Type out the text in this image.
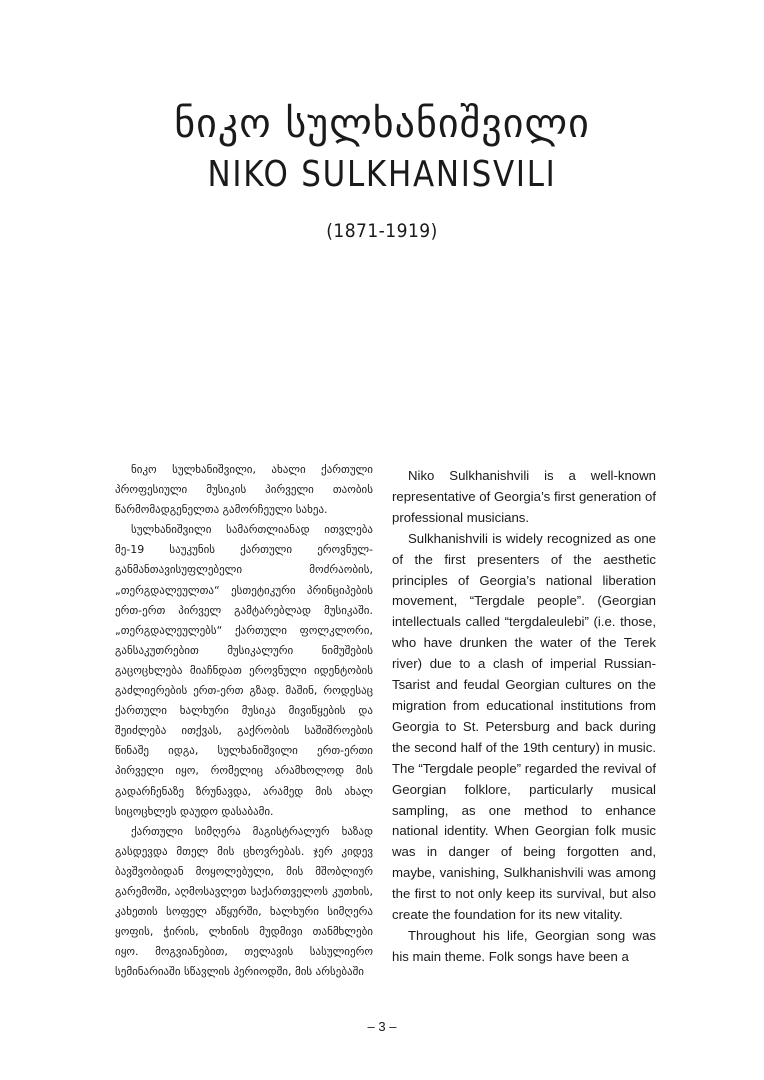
ნიკო სულხანიშვილი
NIKO SULKHANISVILI
(1871-1919)

ნიკო სულხანიშვილი, ახალი ქართული პროფესიული მუსიკის პირველი თაობის წარმომადგენელთა გამორჩეული სახეა.

სულხანიშვილი სამართლიანად ითვლება მე-19 საუკუნის ქართული ეროვნულ-განმანთავისუფლებელი მოძრაობის, „თერგდალეულთა“ ესთეტიკური პრინციპების ერთ-ერთ პირველ გამტარებლად მუსიკაში. „თერგდალეულებს“ ქართული ფოლკლორი, განსაკუთრებით მუსიკალური ნიმუშების გაცოცხლება მიაჩნდათ ეროვნული იდენტობის გაძლიერების ერთ-ერთ გზად. მაშინ, როდესაც ქართული ხალხური მუსიკა მივიწყების და შეიძლება ითქვას, გაქრობის საშიშროების წინაშე იდგა, სულხანიშვილი ერთ-ერთი პირველი იყო, რომელიც არამხოლოდ მის გადარჩენაზე ზრუნავდა, არამედ მის ახალ სიცოცხლეს დაუდო დასაბამი.

ქართული სიმღერა მაგისტრალურ ხაზად გასდევდა მთელ მის ცხოვრებას. ჯერ კიდევ ბავშვობიდან მოყოლებული, მის მშობლიურ გარემოში, აღმოსავლეთ საქართველოს კუთხის, კახეთის სოფელ აწყურში, ხალხური სიმღერა ყოფის, ჭირის, ლხინის მუდმივი თანმხლები იყო. მოგვიანებით, თელავის სასულიერო სემინარიაში სწავლის პერიოდში, მის არსებაში

Niko Sulkhanishvili is a well-known representative of Georgia’s first generation of professional musicians.

Sulkhanishvili is widely recognized as one of the first presenters of the aesthetic principles of Georgia’s national liberation movement, “Tergdale people”. (Georgian intellectuals called “tergdaleulebi” (i.e. those, who have drunken the water of the Terek river) due to a clash of imperial Russian-Tsarist and feudal Georgian cultures on the migration from educational institutions from Georgia to St. Petersburg and back during the second half of the 19th century) in music. The “Tergdale people” regarded the revival of Georgian folklore, particularly musical sampling, as one method to enhance national identity. When Georgian folk music was in danger of being forgotten and, maybe, vanishing, Sulkhanishvili was among the first to not only keep its survival, but also create the foundation for its new vitality.

Throughout his life, Georgian song was his main theme. Folk songs have been a

– 3 –
